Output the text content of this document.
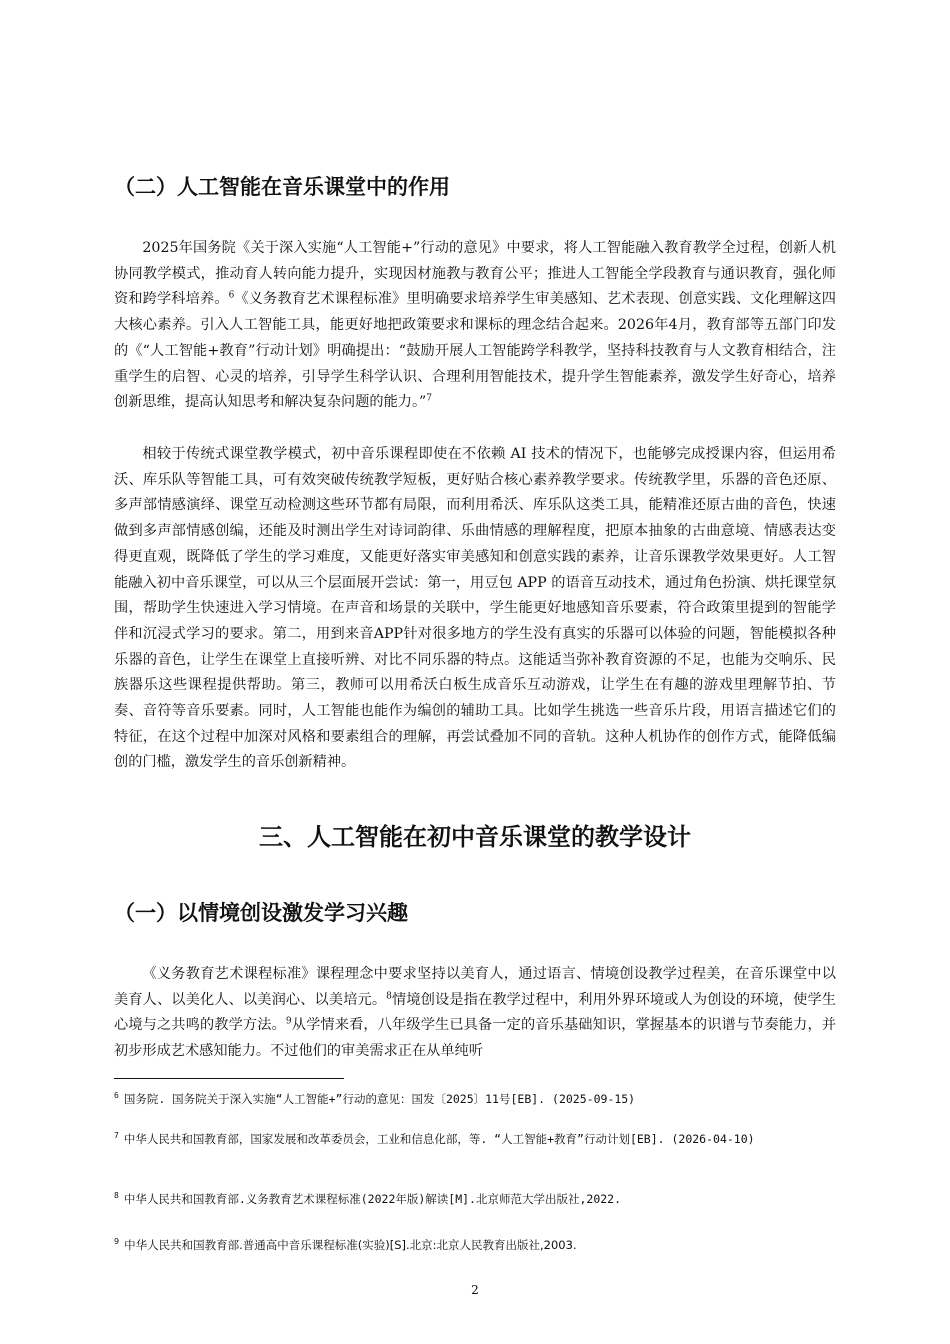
（二）人工智能在音乐课堂中的作用

2025年国务院《关于深入实施“人工智能+”行动的意见》中要求，将人工智能融入教育教学全过程，创新人机协同教学模式，推动育人转向能力提升，实现因材施教与教育公平；推进人工智能全学段教育与通识教育，强化师资和跨学科培养。$^6$《义务教育艺术课程标准》里明确要求培养学生审美感知、艺术表现、创意实践、文化理解这四大核心素养。引入人工智能工具，能更好地把政策要求和课标的理念结合起来。2026年4月，教育部等五部门印发的《“人工智能+教育”行动计划》明确提出：“鼓励开展人工智能跨学科教学，坚持科技教育与人文教育相结合，注重学生的启智、心灵的培养，引导学生科学认识、合理利用智能技术，提升学生智能素养，激发学生好奇心，培养创新思维，提高认知思考和解决复杂问题的能力。”$^7$

相较于传统式课堂教学模式，初中音乐课程即使在不依赖 AI 技术的情况下，也能够完成授课内容，但运用希沃、库乐队等智能工具，可有效突破传统教学短板，更好贴合核心素养教学要求。传统教学里，乐器的音色还原、多声部情感演绎、课堂互动检测这些环节都有局限，而利用希沃、库乐队这类工具，能精准还原古曲的音色，快速做到多声部情感创编，还能及时测出学生对诗词韵律、乐曲情感的理解程度，把原本抽象的古曲意境、情感表达变得更直观，既降低了学生的学习难度，又能更好落实审美感知和创意实践的素养，让音乐课教学效果更好。人工智能融入初中音乐课堂，可以从三个层面展开尝试：第一，用豆包 APP 的语音互动技术，通过角色扮演、烘托课堂氛围，帮助学生快速进入学习情境。在声音和场景的关联中，学生能更好地感知音乐要素，符合政策里提到的智能学伴和沉浸式学习的要求。第二，用到来音APP针对很多地方的学生没有真实的乐器可以体验的问题，智能模拟各种乐器的音色，让学生在课堂上直接听辨、对比不同乐器的特点。这能适当弥补教育资源的不足，也能为交响乐、民族器乐这些课程提供帮助。第三，教师可以用希沃白板生成音乐互动游戏，让学生在有趣的游戏里理解节拍、节奏、音符等音乐要素。同时，人工智能也能作为编创的辅助工具。比如学生挑选一些音乐片段，用语言描述它们的特征，在这个过程中加深对风格和要素组合的理解，再尝试叠加不同的音轨。这种人机协作的创作方式，能降低编创的门槛，激发学生的音乐创新精神。

三、人工智能在初中音乐课堂的教学设计
（一）以情境创设激发学习兴趣

《义务教育艺术课程标准》课程理念中要求坚持以美育人，通过语言、情境创设教学过程美，在音乐课堂中以美育人、以美化人、以美润心、以美培元。$^8$情境创设是指在教学过程中，利用外界环境或人为创设的环境，使学生心境与之共鸣的教学方法。$^9$从学情来看，八年级学生已具备一定的音乐基础知识，掌握基本的识谱与节奏能力，并初步形成艺术感知能力。不过他们的审美需求正在从单纯听

$^6$ 国务院. 国务院关于深入实施“人工智能+”行动的意见：国发〔2025〕11号[EB]. (2025-09-15)

$^7$ 中华人民共和国教育部，国家发展和改革委员会，工业和信息化部，等. “人工智能+教育”行动计划[EB]. (2026-04-10)

$^8$ 中华人民共和国教育部.义务教育艺术课程标准(2022年版)解读[M].北京师范大学出版社,2022.

$^9$ 中华人民共和国教育部.普通高中音乐课程标准(实验)[S].北京:北京人民教育出版社,2003.

2
